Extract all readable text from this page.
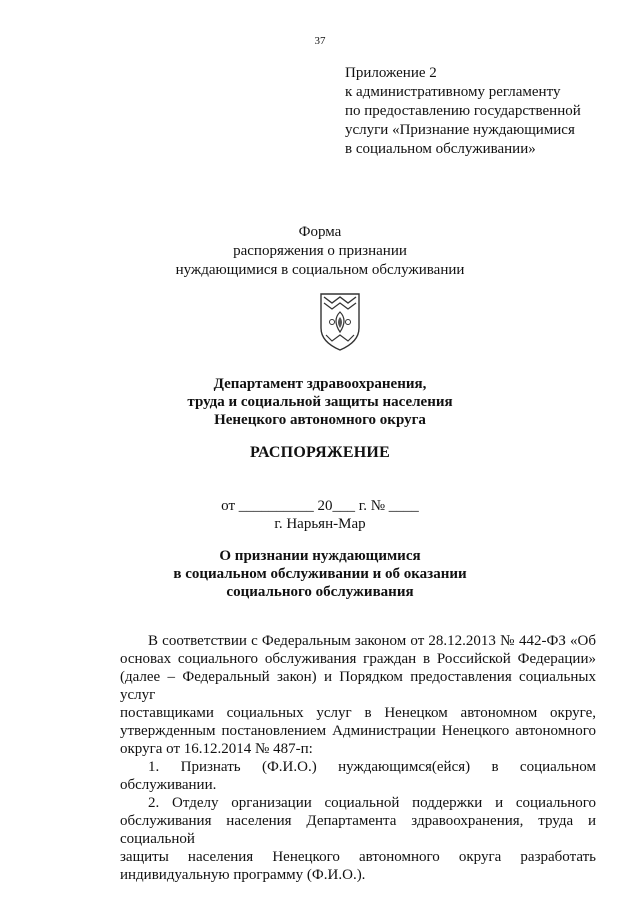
37
Приложение 2
к административному регламенту
по предоставлению государственной
услуги «Признание нуждающимися
в социальном обслуживании»
Форма
распоряжения о признании
нуждающимися в социальном обслуживании
Департамент здравоохранения,
труда и социальной защиты населения
Ненецкого автономного округа
РАСПОРЯЖЕНИЕ
от __________ 20___ г. № ____
г. Нарьян-Мар
О признании нуждающимися
в социальном обслуживании и об оказании
социального обслуживания

В соответствии с Федеральным законом от 28.12.2013 № 442-ФЗ «Об

основах социального обслуживания граждан в Российской Федерации»

(далее – Федеральный закон) и Порядком предоставления социальных услуг

поставщиками социальных услуг в Ненецком автономном округе,

утвержденным постановлением Администрации Ненецкого автономного

округа от 16.12.2014 № 487-п:

1. Признать (Ф.И.О.) нуждающимся(ейся) в социальном обслуживании.

2. Отделу организации социальной поддержки и социального

обслуживания населения Департамента здравоохранения, труда и социальной

защиты населения Ненецкого автономного округа разработать

индивидуальную программу (Ф.И.О.).
